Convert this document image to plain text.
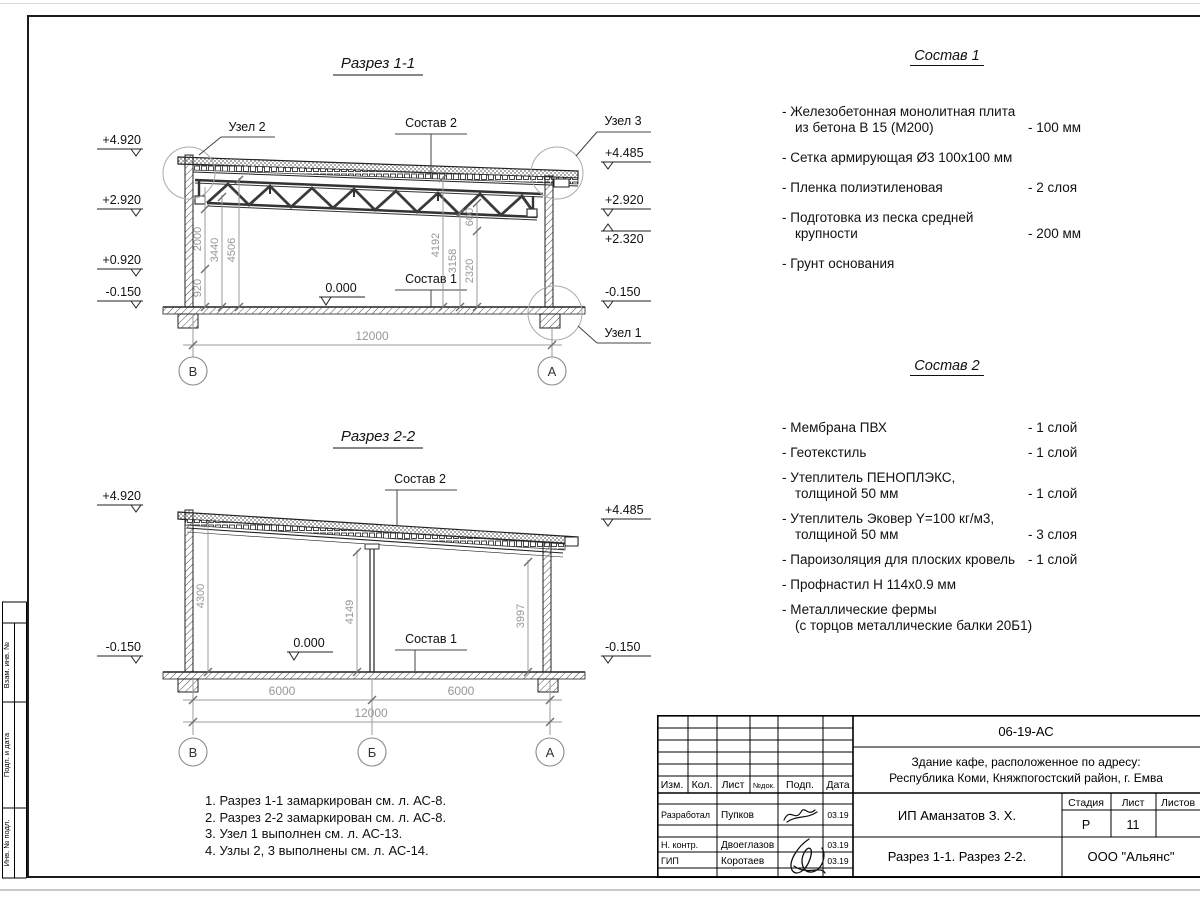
Взам. инв. №
Подп. и дата
Инв. № подл.
Разрез 1-1
Узел 2	Состав 2	Узел 3
Узел 1
Состав 1
0.000
+4.920
+2.920
+0.920
-0.150
+4.485
+2.920
+2.320
-0.150
920
2000 3440 4506	4192
3158
600
2320
12000
В	А
Разрез 2-2
Состав 2
Состав 1
0.000
+4.920
-0.150
+4.485
-0.150
4300
4149	3997
6000	6000
12000
В	Б	А
Состав 1
- Железобетонная монолитная плита
из бетона В 15 (М200)	- 100 мм
- Сетка армирующая Ø3 100х100 мм
- Пленка полиэтиленовая	- 2 слоя
- Подготовка из песка средней
крупности	- 200 мм
- Грунт основания
Состав 2
- Мембрана ПВХ	- 1 слой
- Геотекстиль	- 1 слой
- Утеплитель ПЕНОПЛЭКС,
толщиной 50 мм	- 1 слой
- Утеплитель Эковер Y=100 кг/м3,
толщиной 50 мм	- 3 слоя
- Пароизоляция для плоских кровель - 1 слой
- Профнастил Н 114х0.9 мм
- Металлические фермы
(с торцов металлические балки 20Б1)
1. Разрез 1-1 замаркирован см. л. АС-8.
2. Разрез 2-2 замаркирован см. л. АС-8.
3. Узел 1 выполнен см. л. АС-13.
4. Узлы 2, 3 выполнены см. л. АС-14.
Изм. Кол. Лист №док. Подп. Дата
Разработал Пупков	03.19
Н. контр. Двоеглазов	03.19
ГИП	Коротаев	03.19
06-19-АС
Здание кафе, расположенное по адресу:
Республика Коми, Княжпогостский район, г. Емва
ИП Аманзатов З. Х.
Разрез 1-1. Разрез 2-2.
Стадия Лист Листов
Р	11
ООО "Альянс"
